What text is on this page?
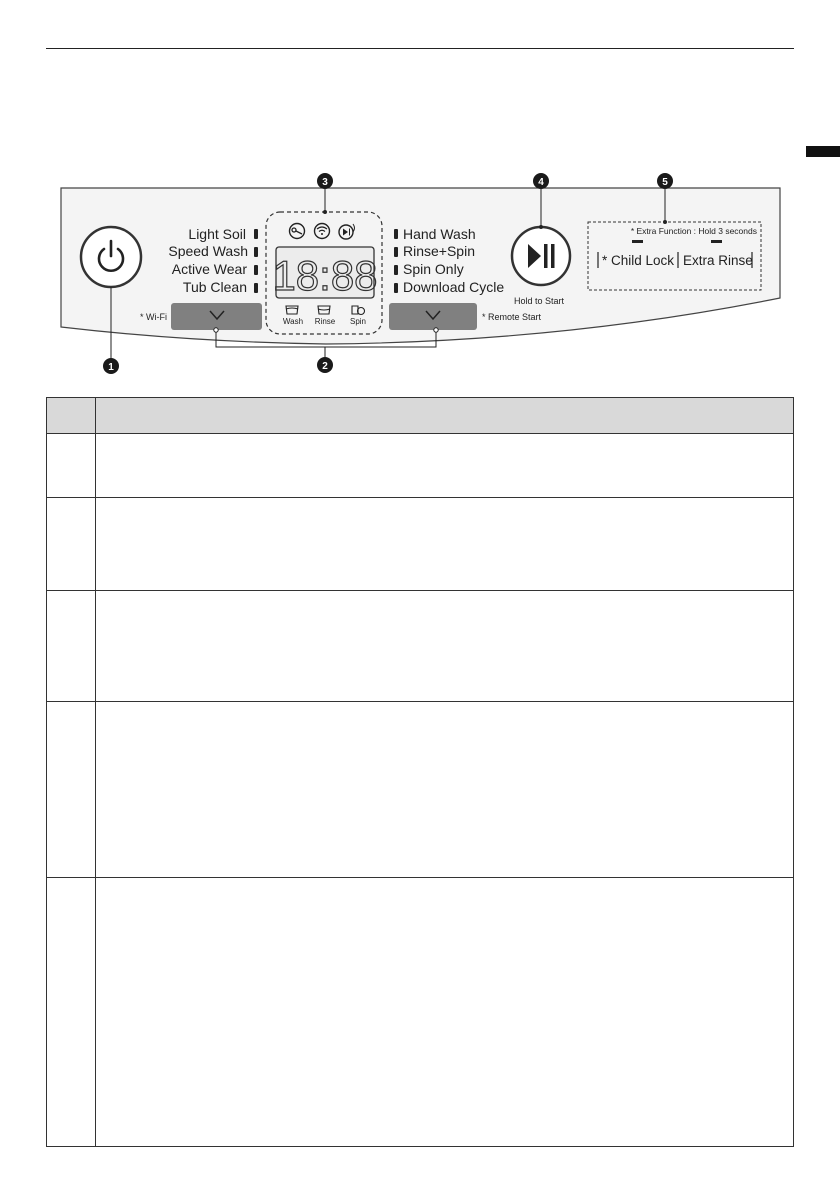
Light Soil
Speed Wash
Active Wear
Tub Clean
Hand Wash
Rinse+Spin
Spin Only
Download Cycle
18:88
Wash Rinse Spin
* Wi-Fi	* Remote Start
Hold to Start
* Extra Function : Hold 3 seconds
* Child Lock Extra Rinse
1	2
3	4	5
